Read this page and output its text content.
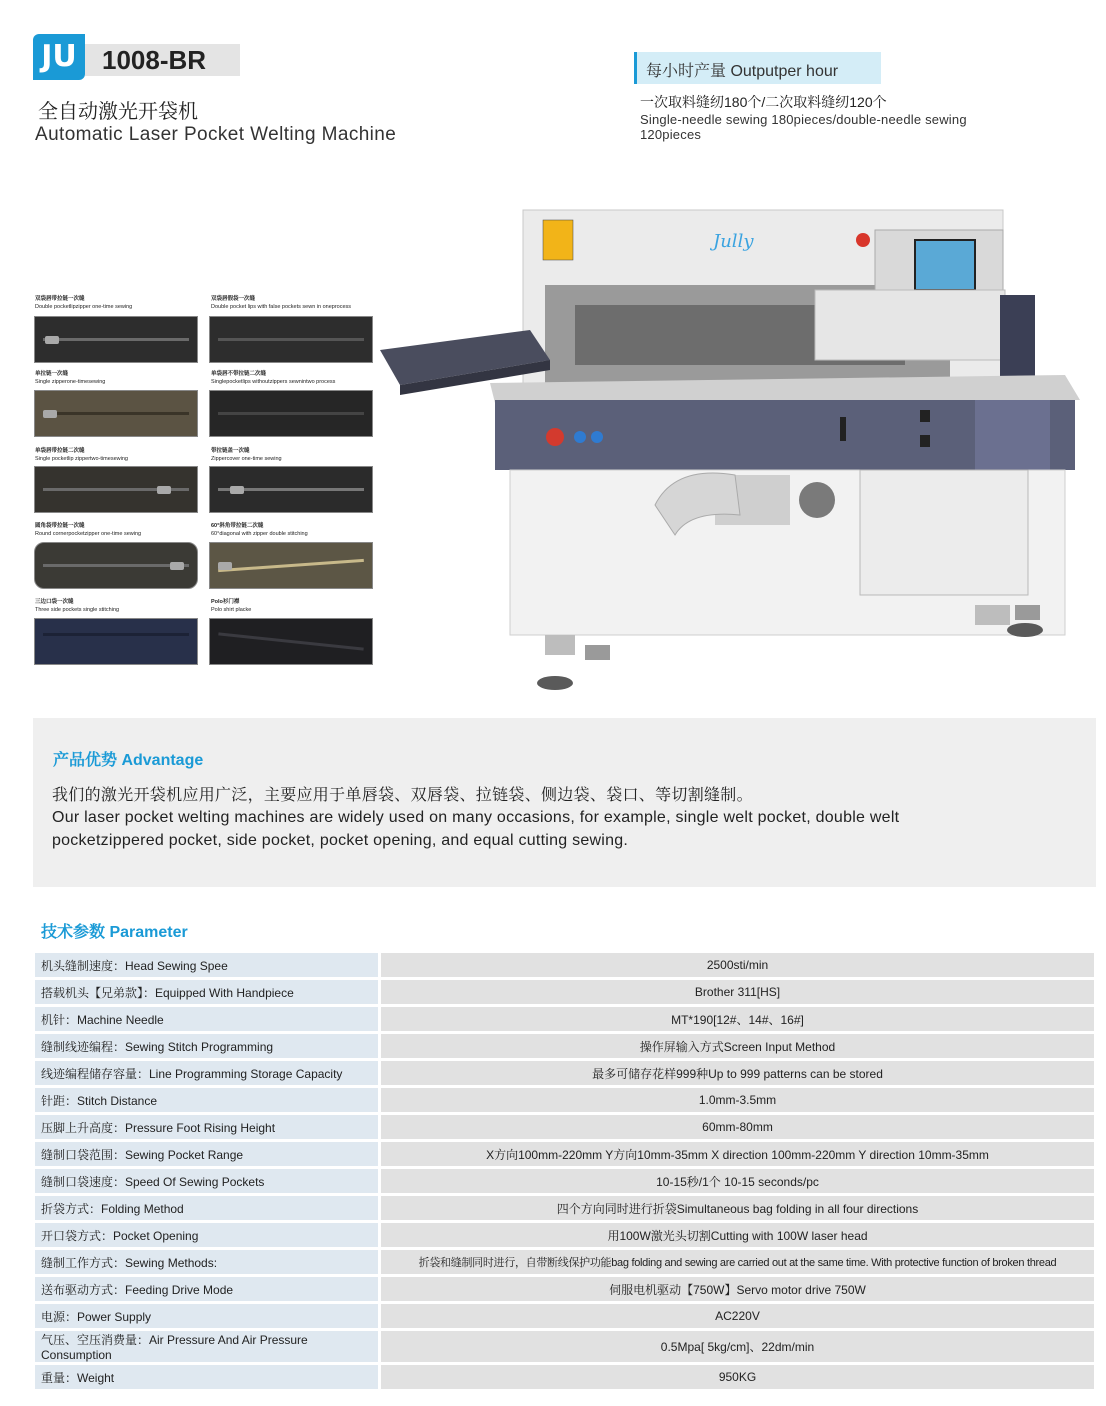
JU 1008-BR
全自动激光开袋机
Automatic Laser Pocket Welting Machine
每小时产量 Outputper hour
一次取料缝纫180个/二次取料缝纫120个
Single-needle sewing 180pieces/double-needle sewing 120pieces
双袋唇带拉链一次缝
Double pocketlipzipper one-time sewing
双袋唇假袋一次缝
Double pocket lips with false pockets sewn in oneprocess
单拉链一次缝
Single zipperone-timesewing
单袋唇不带拉链二次缝
Singlepocketlips withoutzippers sewnintwo process
单袋唇带拉链二次缝
Single pocketlip zippertwo-timesewing
带拉链盖一次缝
Zippercover one-time sewing
圆角袋带拉链一次缝
Round cornerpocketzipper one-time sewing
60°斜角带拉链二次缝
60°diagonal with zipper double stitching
三边口袋一次缝
Three side pockets single stitching
Polo衫门襟
Polo shirt placke
Jully
产品优势 Advantage
我们的激光开袋机应用广泛，主要应用于单唇袋、双唇袋、拉链袋、侧边袋、袋口、等切割缝制。
Our laser pocket welting machines are widely used on many occasions, for example, single welt pocket, double welt pocketzippered pocket, side pocket, pocket opening, and equal cutting sewing.
技术参数 Parameter
机头缝制速度：Head Sewing Spee	2500sti/min
搭载机头【兄弟款】：Equipped With Handpiece	Brother 311[HS]
机针：Machine Needle	MT*190[12#、14#、16#]
缝制线迹编程：Sewing Stitch Programming	操作屏输入方式Screen Input Method
线迹编程储存容量：Line Programming Storage Capacity	最多可储存花样999种Up to 999 patterns can be stored
针距：Stitch Distance	1.0mm-3.5mm
压脚上升高度：Pressure Foot Rising Height	60mm-80mm
缝制口袋范围：Sewing Pocket Range	X方向100mm-220mm Y方向10mm-35mm X direction 100mm-220mm Y direction 10mm-35mm
缝制口袋速度：Speed Of Sewing Pockets	10-15秒/1个 10-15 seconds/pc
折袋方式：Folding Method	四个方向同时进行折袋Simultaneous bag folding in all four directions
开口袋方式：Pocket Opening	用100W激光头切割Cutting with 100W laser head
缝制工作方式：Sewing Methods:	折袋和缝制同时进行，自带断线保护功能bag folding and sewing are carried out at the same time. With protective function of broken thread
送布驱动方式：Feeding Drive Mode	伺服电机驱动【750W】Servo motor drive 750W
电源：Power Supply	AC220V
气压、空压消费量：Air Pressure And Air Pressure Consumption	0.5Mpa[ 5kg/cm]、22dm/min
重量：Weight	950KG
